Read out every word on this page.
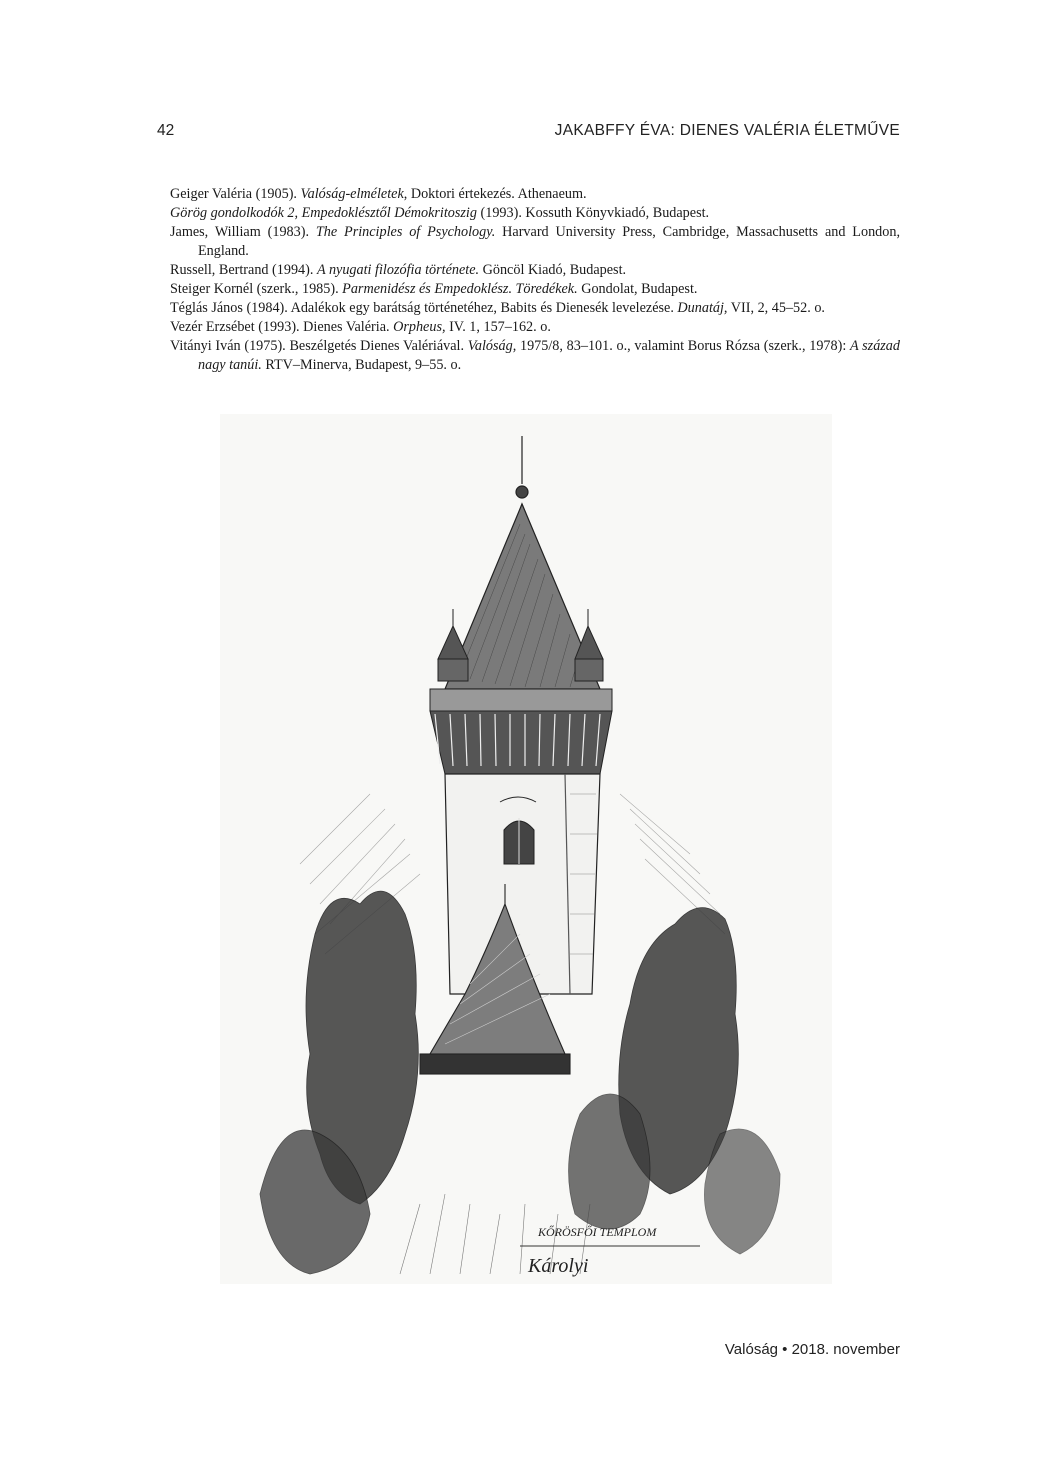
42	JAKABFFY ÉVA: DIENES VALÉRIA ÉLETMŰVE

Geiger Valéria (1905). Valóság-elméletek, Doktori értekezés. Athenaeum.

Görög gondolkodók 2, Empedoklésztől Démokritoszig (1993). Kossuth Könyvkiadó, Budapest.

James, William (1983). The Principles of Psychology. Harvard University Press, Cambridge, Massachusetts and London, England.

Russell, Bertrand (1994). A nyugati filozófia története. Göncöl Kiadó, Budapest.

Steiger Kornél (szerk., 1985). Parmenidész és Empedoklész. Töredékek. Gondolat, Budapest.

Téglás János (1984). Adalékok egy barátság történetéhez, Babits és Dienesék levelezése. Dunatáj, VII, 2, 45–52. o.

Vezér Erzsébet (1993). Dienes Valéria. Orpheus, IV. 1, 157–162. o.

Vitányi Iván (1975). Beszélgetés Dienes Valériával. Valóság, 1975/8, 83–101. o., valamint Borus Rózsa (szerk., 1978): A század nagy tanúi. RTV–Minerva, Budapest, 9–55. o.

KŐRÖSFŐI TEMPLOM
Károlyi
Valóság • 2018. november
